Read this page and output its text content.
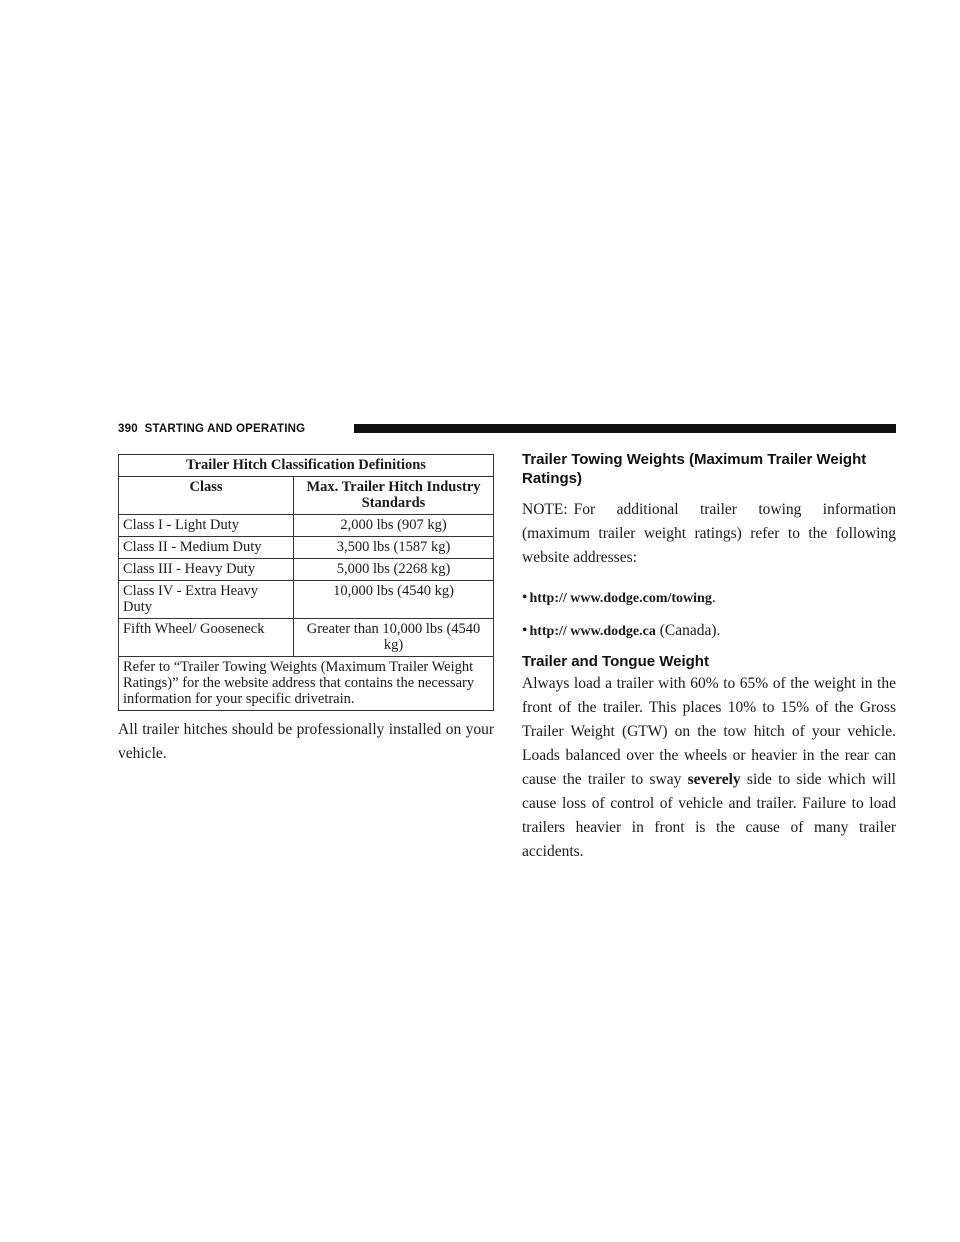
390 STARTING AND OPERATING
Trailer Hitch Classification Definitions	
Class	Max. Trailer Hitch Industry Standards
Class I - Light Duty	2,000 lbs (907 kg)
Class II - Medium Duty	3,500 lbs (1587 kg)
Class III - Heavy Duty	5,000 lbs (2268 kg)
Class IV - Extra Heavy Duty	10,000 lbs (4540 kg)
Fifth Wheel/ Gooseneck	Greater than 10,000 lbs (4540 kg)
Refer to “Trailer Towing Weights (Maximum Trailer Weight Ratings)” for the website address that contains the necessary information for your specific drivetrain.	

All trailer hitches should be professionally installed on your vehicle.

Trailer Towing Weights (Maximum Trailer Weight Ratings)

NOTE: For additional trailer towing information (maximum trailer weight ratings) refer to the following website addresses:

• http:// www.dodge.com/towing.
• http:// www.dodge.ca (Canada).
Trailer and Tongue Weight

Always load a trailer with 60% to 65% of the weight in the front of the trailer. This places 10% to 15% of the Gross Trailer Weight (GTW) on the tow hitch of your vehicle. Loads balanced over the wheels or heavier in the rear can cause the trailer to sway severely side to side which will cause loss of control of vehicle and trailer. Failure to load trailers heavier in front is the cause of many trailer accidents.
